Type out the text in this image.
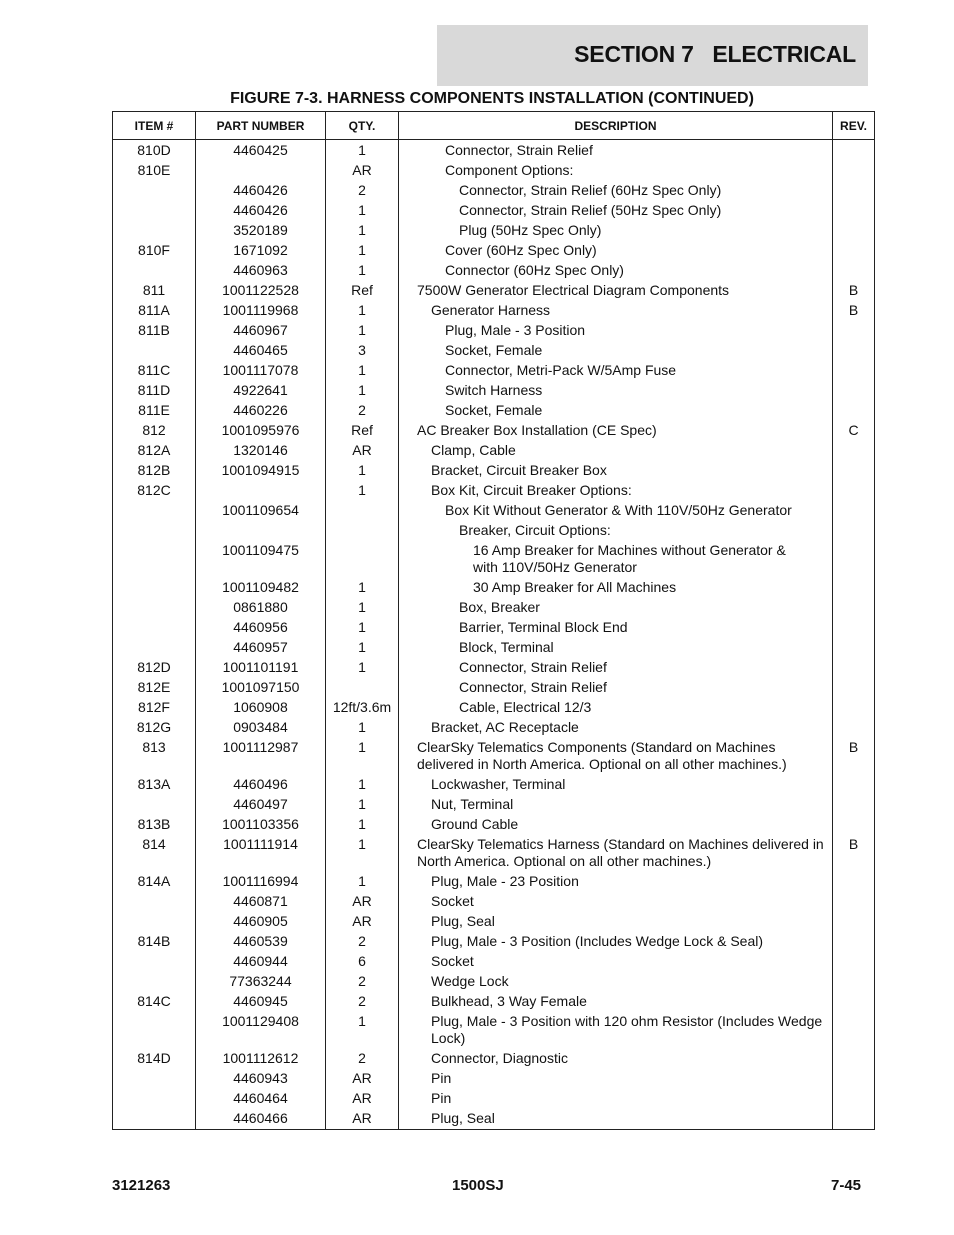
SECTION 7   ELECTRICAL
FIGURE 7-3. HARNESS COMPONENTS INSTALLATION (CONTINUED)
ITEM #	PART NUMBER	QTY.	DESCRIPTION	REV.
810D	4460425	1	Connector, Strain Relief	
810E		AR	Component Options:	
	4460426	2	Connector, Strain Relief (60Hz Spec Only)	
	4460426	1	Connector, Strain Relief (50Hz Spec Only)	
	3520189	1	Plug (50Hz Spec Only)	
810F	1671092	1	Cover (60Hz Spec Only)	
	4460963	1	Connector (60Hz Spec Only)	
811	1001122528	Ref	7500W Generator Electrical Diagram Components	B
811A	1001119968	1	Generator Harness	B
811B	4460967	1	Plug, Male - 3 Position	
	4460465	3	Socket, Female	
811C	1001117078	1	Connector, Metri-Pack W/5Amp Fuse	
811D	4922641	1	Switch Harness	
811E	4460226	2	Socket, Female	
812	1001095976	Ref	AC Breaker Box Installation (CE Spec)	C
812A	1320146	AR	Clamp, Cable	
812B	1001094915	1	Bracket, Circuit Breaker Box	
812C		1	Box Kit, Circuit Breaker Options:	
	1001109654		Box Kit Without Generator & With 110V/50Hz Generator	
			Breaker, Circuit Options:	
	1001109475		16 Amp Breaker for Machines without Generator &
with 110V/50Hz Generator	
	1001109482	1	30 Amp Breaker for All Machines	
	0861880	1	Box, Breaker	
	4460956	1	Barrier, Terminal Block End	
	4460957	1	Block, Terminal	
812D	1001101191	1	Connector, Strain Relief	
812E	1001097150		Connector, Strain Relief	
812F	1060908	12ft/3.6m	Cable, Electrical 12/3	
812G	0903484	1	Bracket, AC Receptacle	
813	1001112987	1	ClearSky Telematics Components (Standard on Machines
delivered in North America. Optional on all other machines.)	B
813A	4460496	1	Lockwasher, Terminal	
	4460497	1	Nut, Terminal	
813B	1001103356	1	Ground Cable	
814	1001111914	1	ClearSky Telematics Harness (Standard on Machines delivered in
North America. Optional on all other machines.)	B
814A	1001116994	1	Plug, Male - 23 Position	
	4460871	AR	Socket	
	4460905	AR	Plug, Seal	
814B	4460539	2	Plug, Male - 3 Position (Includes Wedge Lock & Seal)	
	4460944	6	Socket	
	77363244	2	Wedge Lock	
814C	4460945	2	Bulkhead, 3 Way Female	
	1001129408	1	Plug, Male - 3 Position with 120 ohm Resistor (Includes Wedge
Lock)	
814D	1001112612	2	Connector, Diagnostic	
	4460943	AR	Pin	
	4460464	AR	Pin	
	4460466	AR	Plug, Seal	
3121263	1500SJ	7-45
